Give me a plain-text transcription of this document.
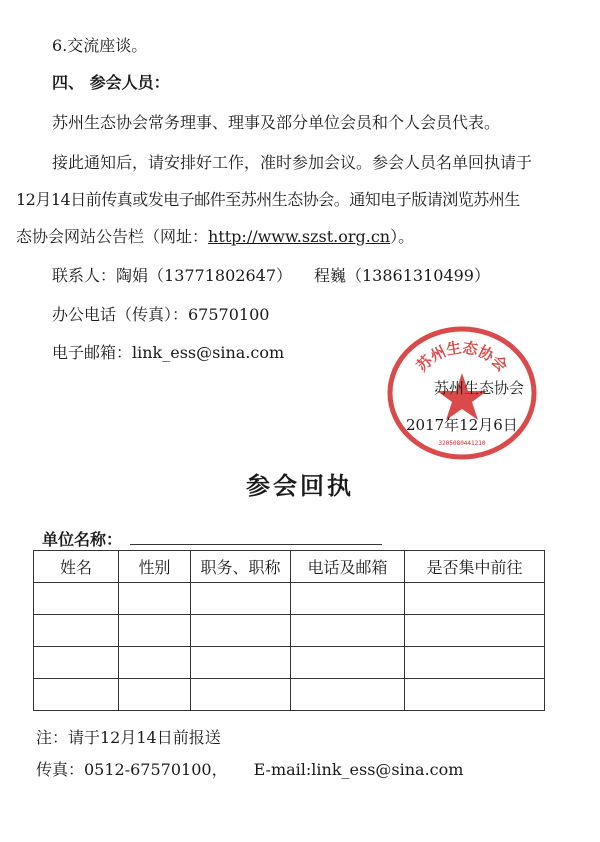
6.交流座谈。
四、 参会人员：
苏州生态协会常务理事、理事及部分单位会员和个人会员代表。
接此通知后，请安排好工作，准时参加会议。参会人员名单回执请于
12月14日前传真或发电子邮件至苏州生态协会。通知电子版请浏览苏州生
态协会网站公告栏（网址：http://www.szst.org.cn）。
联系人：陶娟（13771802647） 程巍（13861310499）
办公电话（传真）：67570100
电子邮箱：link_ess@sina.com	苏州生态协会
3205080441210
苏州生态协会
2017年12月6日
参会回执
单位名称：
姓名	性别	职务、职称	电话及邮箱	是否集中前往

注：请于12月14日前报送
传真：0512-67570100， E-mail:link_ess@sina.com
